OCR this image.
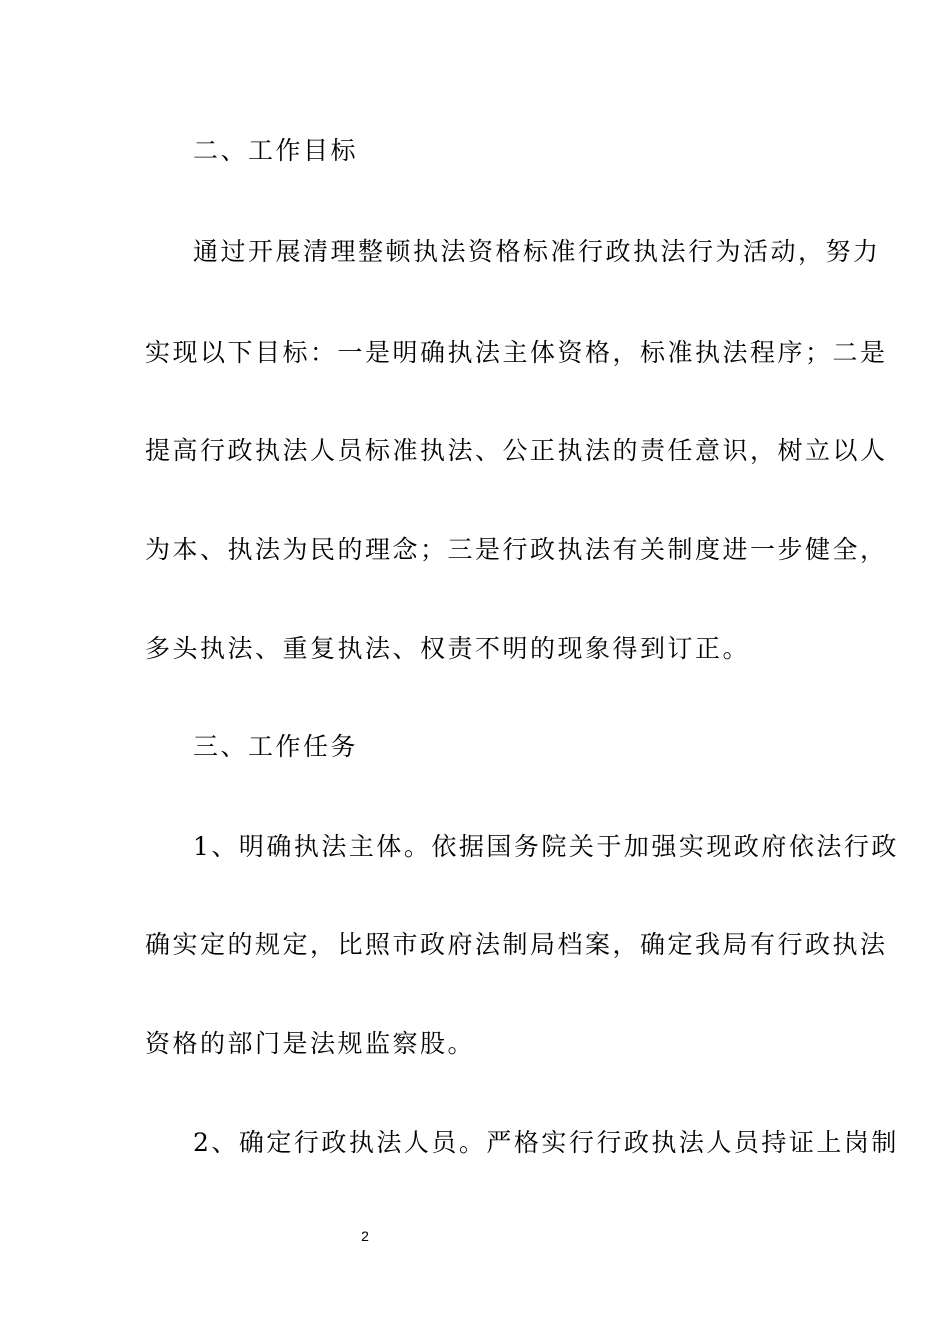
二、工作目标
通过开展清理整顿执法资格标准行政执法行为活动，努力
实现以下目标：一是明确执法主体资格，标准执法程序；二是
提高行政执法人员标准执法、公正执法的责任意识，树立以人
为本、执法为民的理念；三是行政执法有关制度进一步健全，
多头执法、重复执法、权责不明的现象得到订正。
三、工作任务
1、明确执法主体。依据国务院关于加强实现政府依法行政
确实定的规定，比照市政府法制局档案，确定我局有行政执法
资格的部门是法规监察股。
2、确定行政执法人员。严格实行行政执法人员持证上岗制
2
